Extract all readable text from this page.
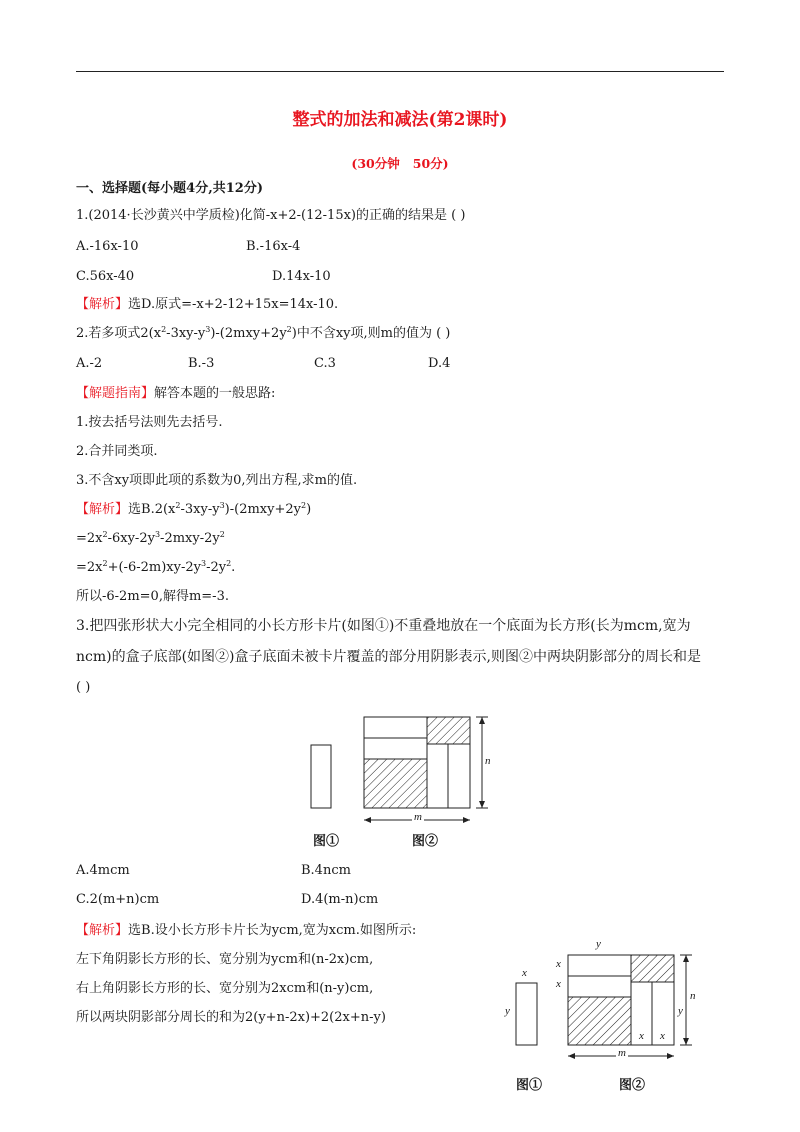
整式的加法和减法(第2课时)
(30分钟   50分)
一、选择题(每小题4分,共12分)
1.(2014·长沙黄兴中学质检)化简-x+2-(12-15x)的正确的结果是 ( )
A.-16x-10	B.-16x-4
C.56x-40	D.14x-10
【解析】选D.原式=-x+2-12+15x=14x-10.
2.若多项式$2(x^2-3xy-y^3)-(2mxy+2y^2)$中不含xy项,则m的值为 ( )
A.-2	B.-3	C.3	D.4
【解题指南】解答本题的一般思路:
1.按去括号法则先去括号.
2.合并同类项.
3.不含xy项即此项的系数为0,列出方程,求m的值.
【解析】选$B.2(x^2-3xy-y^3)-(2mxy+2y^2)$
$=2x^2-6xy-2y^3-2mxy-2y^2$
$=2x^2+(-6-2m)xy-2y^3-2y^2$.
所以-6-2m=0,解得m=-3.
3.把四张形状大小完全相同的小长方形卡片(如图①)不重叠地放在一个底面为长方形(长为mcm,宽为
ncm)的盒子底部(如图②)盒子底面未被卡片覆盖的部分用阴影表示,则图②中两块阴影部分的周长和是
( )
n
m
图①	图②
A.4mcm	B.4ncm
C.2(m+n)cm	D.4(m-n)cm
【解析】选B.设小长方形卡片长为ycm,宽为xcm.如图所示:
左下角阴影长方形的长、宽分别为ycm和(n-2x)cm,
右上角阴影长方形的长、宽分别为2xcm和(n-y)cm,
所以两块阴影部分周长的和为2(y+n-2x)+2(2x+n-y)
y
x
x
x
y	y
n
x x
m
图①	图②
